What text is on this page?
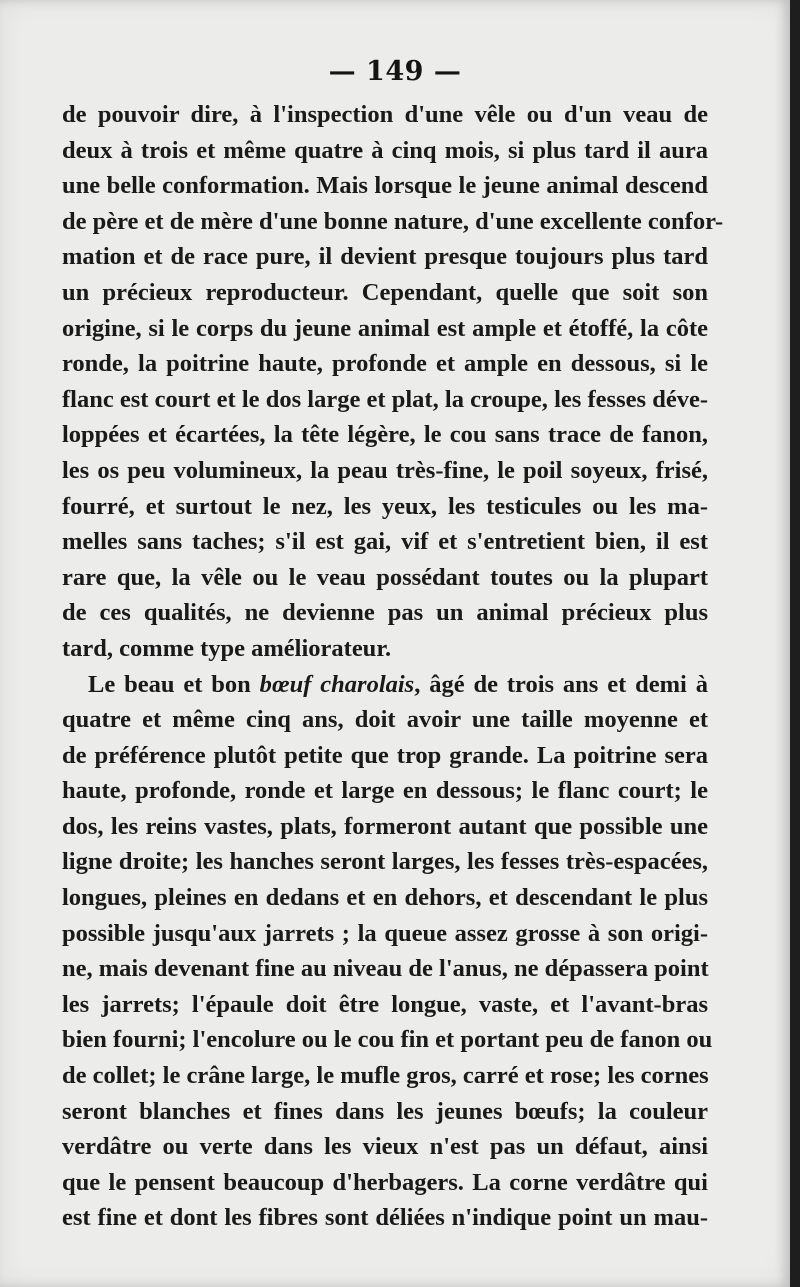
— 149 —
de pouvoir dire, à l'inspection d'une vêle ou d'un veau de
deux à trois et même quatre à cinq mois, si plus tard il aura
une belle conformation. Mais lorsque le jeune animal descend
de père et de mère d'une bonne nature, d'une excellente confor-
mation et de race pure, il devient presque toujours plus tard
un précieux reproducteur. Cependant, quelle que soit son
origine, si le corps du jeune animal est ample et étoffé, la côte
ronde, la poitrine haute, profonde et ample en dessous, si le
flanc est court et le dos large et plat, la croupe, les fesses déve-
loppées et écartées, la tête légère, le cou sans trace de fanon,
les os peu volumineux, la peau très-fine, le poil soyeux, frisé,
fourré, et surtout le nez, les yeux, les testicules ou les ma-
melles sans taches; s'il est gai, vif et s'entretient bien, il est
rare que, la vêle ou le veau possédant toutes ou la plupart
de ces qualités, ne devienne pas un animal précieux plus
tard, comme type améliorateur.
Le beau et bon bœuf charolais, âgé de trois ans et demi à
quatre et même cinq ans, doit avoir une taille moyenne et
de préférence plutôt petite que trop grande. La poitrine sera
haute, profonde, ronde et large en dessous; le flanc court; le
dos, les reins vastes, plats, formeront autant que possible une
ligne droite; les hanches seront larges, les fesses très-espacées,
longues, pleines en dedans et en dehors, et descendant le plus
possible jusqu'aux jarrets ; la queue assez grosse à son origi-
ne, mais devenant fine au niveau de l'anus, ne dépassera point
les jarrets; l'épaule doit être longue, vaste, et l'avant-bras
bien fourni; l'encolure ou le cou fin et portant peu de fanon ou
de collet; le crâne large, le mufle gros, carré et rose; les cornes
seront blanches et fines dans les jeunes bœufs; la couleur
verdâtre ou verte dans les vieux n'est pas un défaut, ainsi
que le pensent beaucoup d'herbagers. La corne verdâtre qui
est fine et dont les fibres sont déliées n'indique point un mau-
